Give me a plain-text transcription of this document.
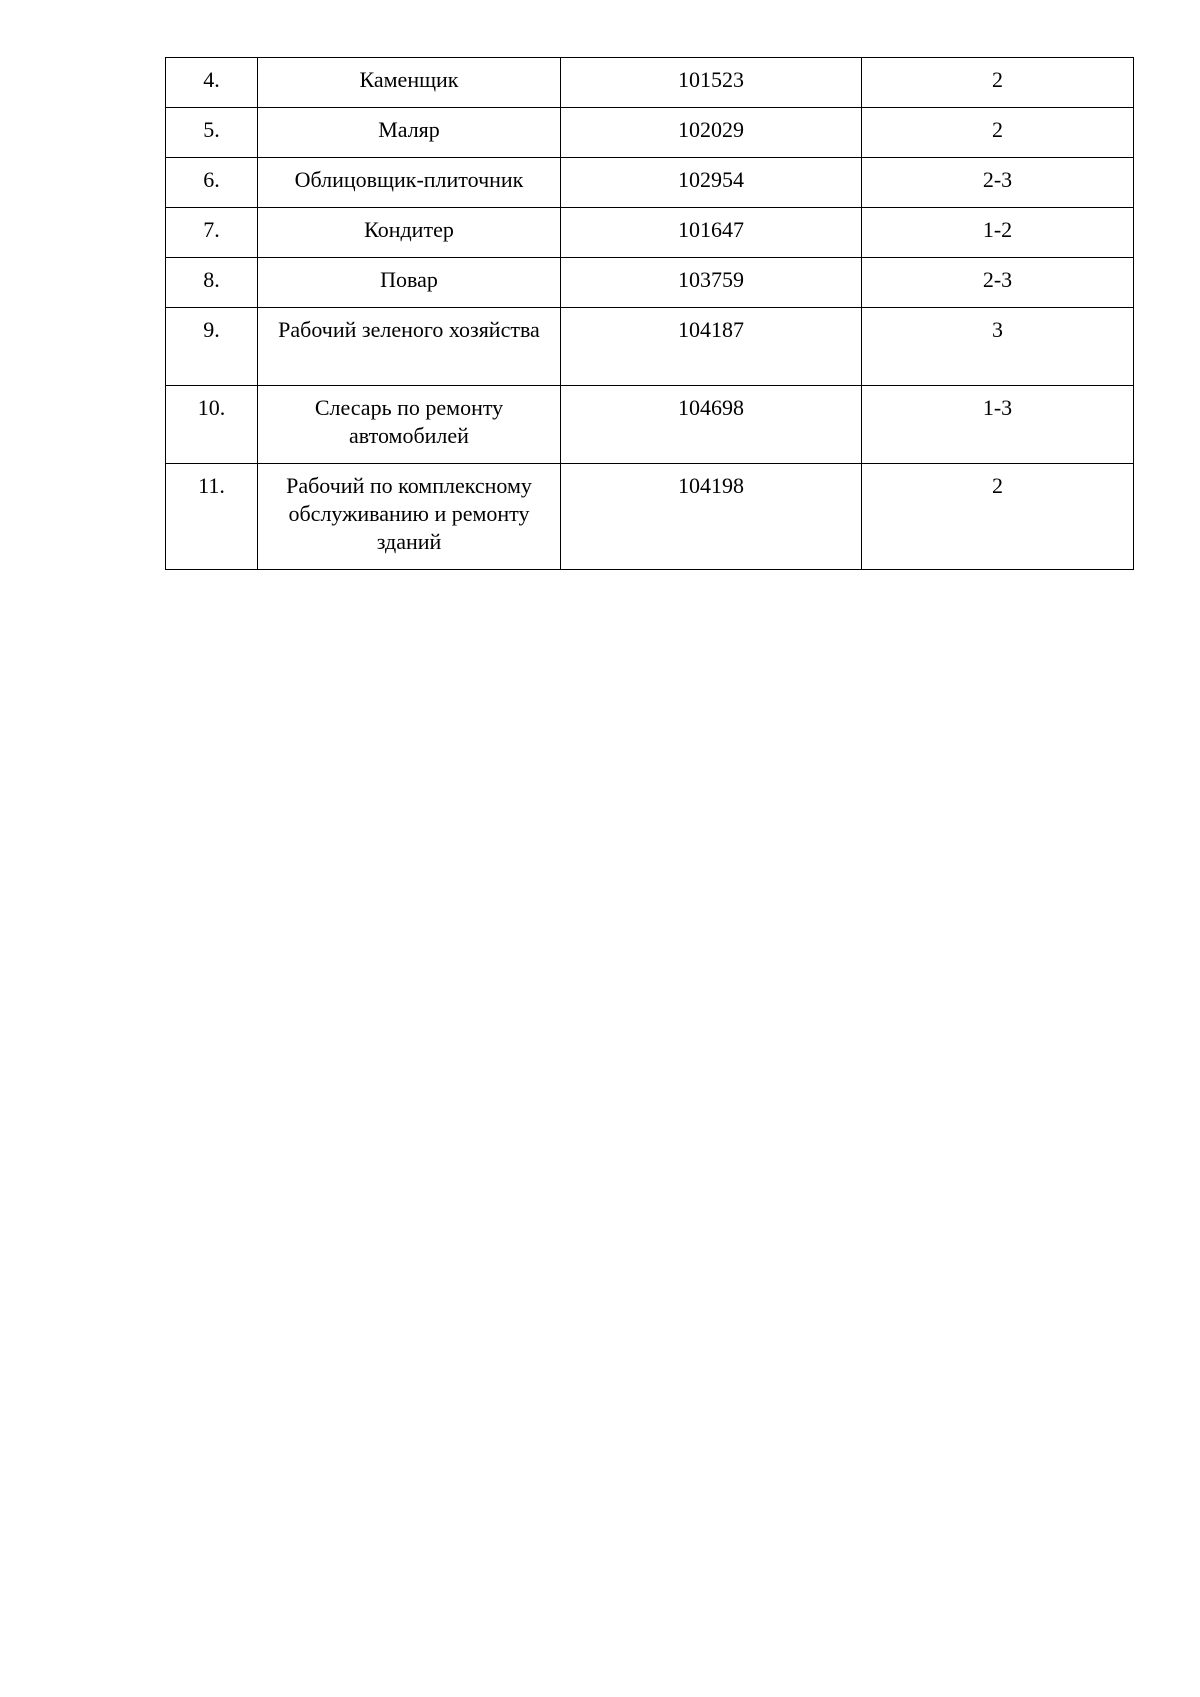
4.	Каменщик	101523	2
5.	Маляр	102029	2
6.	Облицовщик-плиточник	102954	2-3
7.	Кондитер	101647	1-2
8.	Повар	103759	2-3
9.	Рабочий зеленого хозяйства	104187	3
10.	Слесарь по ремонту автомобилей	104698	1-3
11.	Рабочий по комплексному обслуживанию и ремонту зданий	104198	2
